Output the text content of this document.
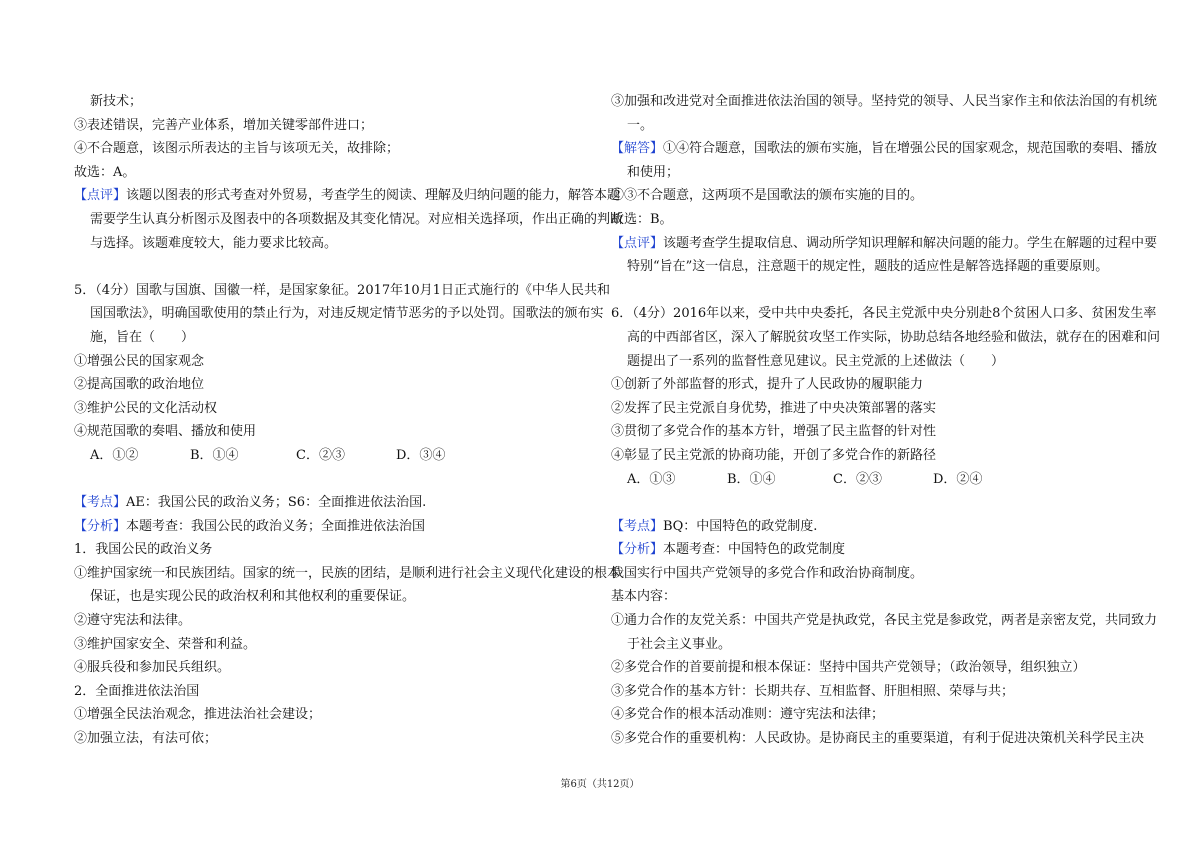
新技术；
③表述错误，完善产业体系，增加关键零部件进口；
④不合题意，该图示所表达的主旨与该项无关，故排除；
故选：A。
【点评】该题以图表的形式考查对外贸易，考查学生的阅读、理解及归纳问题的能力，解答本题
需要学生认真分析图示及图表中的各项数据及其变化情况。对应相关选择项，作出正确的判断
与选择。该题难度较大，能力要求比较高。
5．（4分）国歌与国旗、国徽一样，是国家象征。2017年10月1日正式施行的《中华人民共和
国国歌法》，明确国歌使用的禁止行为，对违反规定情节恶劣的予以处罚。国歌法的颁布实
施，旨在（　　）
①增强公民的国家观念
②提高国歌的政治地位
③维护公民的文化活动权
④规范国歌的奏唱、播放和使用
A．①②	B．①④	C．②③	D．③④
【考点】AE：我国公民的政治义务；S6：全面推进依法治国.
【分析】本题考查：我国公民的政治义务；全面推进依法治国
1．我国公民的政治义务
①维护国家统一和民族团结。国家的统一，民族的团结，是顺利进行社会主义现代化建设的根本
保证，也是实现公民的政治权利和其他权利的重要保证。
②遵守宪法和法律。
③维护国家安全、荣誉和利益。
④服兵役和参加民兵组织。
2．全面推进依法治国
①增强全民法治观念，推进法治社会建设；
②加强立法，有法可依；
③加强和改进党对全面推进依法治国的领导。坚持党的领导、人民当家作主和依法治国的有机统
一。
【解答】①④符合题意，国歌法的颁布实施，旨在增强公民的国家观念，规范国歌的奏唱、播放
和使用；
②③不合题意，这两项不是国歌法的颁布实施的目的。
故选：B。
【点评】该题考查学生提取信息、调动所学知识理解和解决问题的能力。学生在解题的过程中要
特别“旨在”这一信息，注意题干的规定性，题肢的适应性是解答选择题的重要原则。
6．（4分）2016年以来，受中共中央委托，各民主党派中央分别赴8个贫困人口多、贫困发生率
高的中西部省区，深入了解脱贫攻坚工作实际，协助总结各地经验和做法，就存在的困难和问
题提出了一系列的监督性意见建议。民主党派的上述做法（　　）
①创新了外部监督的形式，提升了人民政协的履职能力
②发挥了民主党派自身优势，推进了中央决策部署的落实
③贯彻了多党合作的基本方针，增强了民主监督的针对性
④彰显了民主党派的协商功能，开创了多党合作的新路径
A．①③	B．①④	C．②③	D．②④
【考点】BQ：中国特色的政党制度.
【分析】本题考查：中国特色的政党制度
我国实行中国共产党领导的多党合作和政治协商制度。
基本内容：
①通力合作的友党关系：中国共产党是执政党，各民主党是参政党，两者是亲密友党，共同致力
于社会主义事业。
②多党合作的首要前提和根本保证：坚持中国共产党领导；（政治领导，组织独立）
③多党合作的基本方针：长期共存、互相监督、肝胆相照、荣辱与共；
④多党合作的根本活动准则：遵守宪法和法律；
⑤多党合作的重要机构：人民政协。是协商民主的重要渠道，有利于促进决策机关科学民主决
第6页（共12页）
